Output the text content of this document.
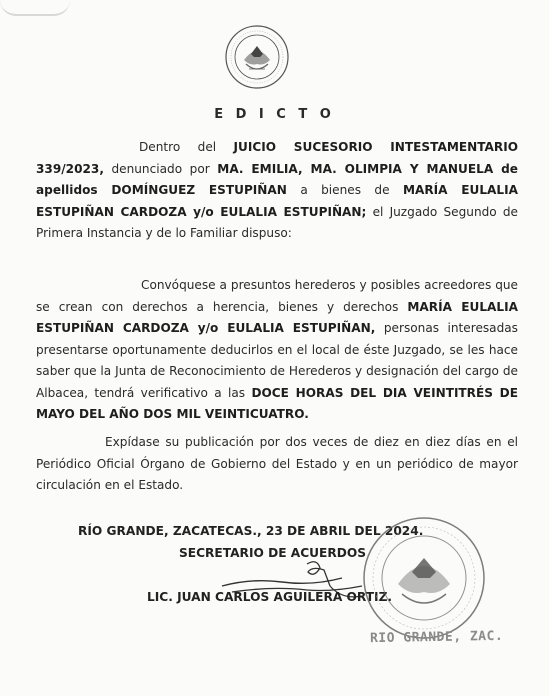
E D I C T O
Dentro del JUICIO SUCESORIO INTESTAMENTARIO 339/2023, denunciado por MA. EMILIA, MA. OLIMPIA Y MANUELA de apellidos DOMÍNGUEZ ESTUPIÑAN a bienes de MARÍA EULALIA ESTUPIÑAN CARDOZA y/o EULALIA ESTUPIÑAN; el Juzgado Segundo de Primera Instancia y de lo Familiar dispuso:
Convóquese a presuntos herederos y posibles acreedores que se crean con derechos a herencia, bienes y derechos MARÍA EULALIA ESTUPIÑAN CARDOZA y/o EULALIA ESTUPIÑAN, personas interesadas presentarse oportunamente deducirlos en el local de éste Juzgado, se les hace saber que la Junta de Reconocimiento de Herederos y designación del cargo de Albacea, tendrá verificativo a las DOCE HORAS DEL DIA VEINTITRÉS DE MAYO DEL AÑO DOS MIL VEINTICUATRO.
Expídase su publicación por dos veces de diez en diez días en el Periódico Oficial Órgano de Gobierno del Estado y en un periódico de mayor circulación en el Estado.
RÍO GRANDE, ZACATECAS., 23 DE ABRIL DEL 2024.
SECRETARIO DE ACUERDOS
LIC. JUAN CARLOS AGUILERA ORTIZ.
RIO GRANDE, ZAC.
